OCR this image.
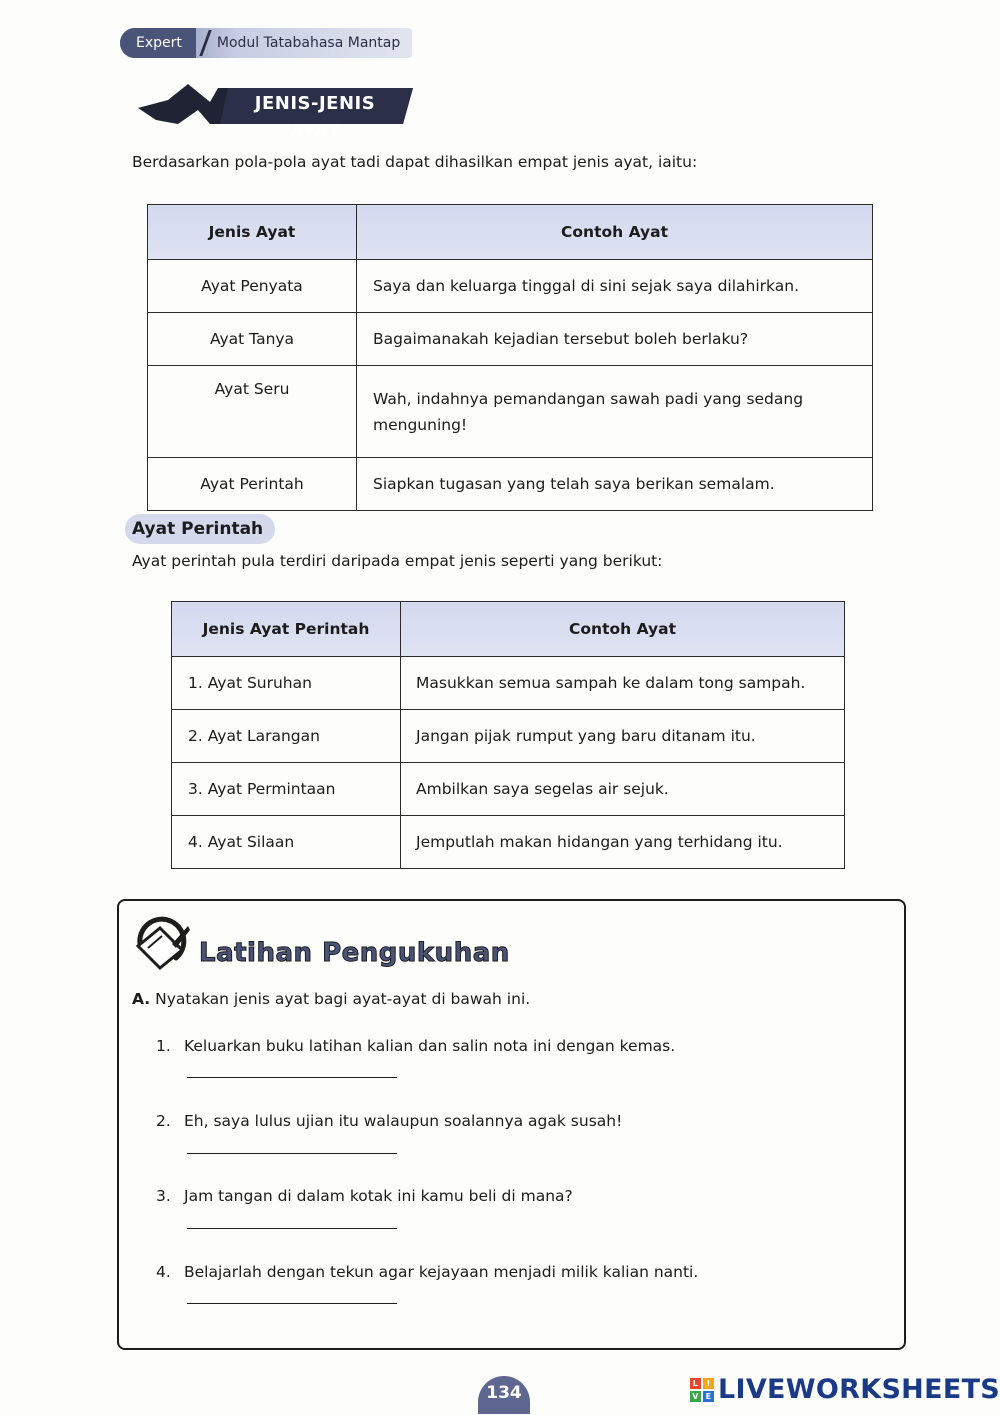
Expert	Modul Tatabahasa Mantap
JENIS-JENIS AYAT
Berdasarkan pola-pola ayat tadi dapat dihasilkan empat jenis ayat, iaitu:
Jenis Ayat	Contoh Ayat
Ayat Penyata	Saya dan keluarga tinggal di sini sejak saya dilahirkan.
Ayat Tanya	Bagaimanakah kejadian tersebut boleh berlaku?
Ayat Seru	Wah, indahnya pemandangan sawah padi yang sedang menguning!
Ayat Perintah	Siapkan tugasan yang telah saya berikan semalam.
Ayat Perintah
Ayat perintah pula terdiri daripada empat jenis seperti yang berikut:
Jenis Ayat Perintah	Contoh Ayat
1. Ayat Suruhan	Masukkan semua sampah ke dalam tong sampah.
2. Ayat Larangan	Jangan pijak rumput yang baru ditanam itu.
3. Ayat Permintaan	Ambilkan saya segelas air sejuk.
4. Ayat Silaan	Jemputlah makan hidangan yang terhidang itu.
Latihan Pengukuhan
A. Nyatakan jenis ayat bagi ayat-ayat di bawah ini.
1. Keluarkan buku latihan kalian dan salin nota ini dengan kemas.
2. Eh, saya lulus ujian itu walaupun soalannya agak susah!
3. Jam tangan di dalam kotak ini kamu beli di mana?
4. Belajarlah dengan tekun agar kejayaan menjadi milik kalian nanti.
134	L	I
V E LIVEWORKSHEETS
